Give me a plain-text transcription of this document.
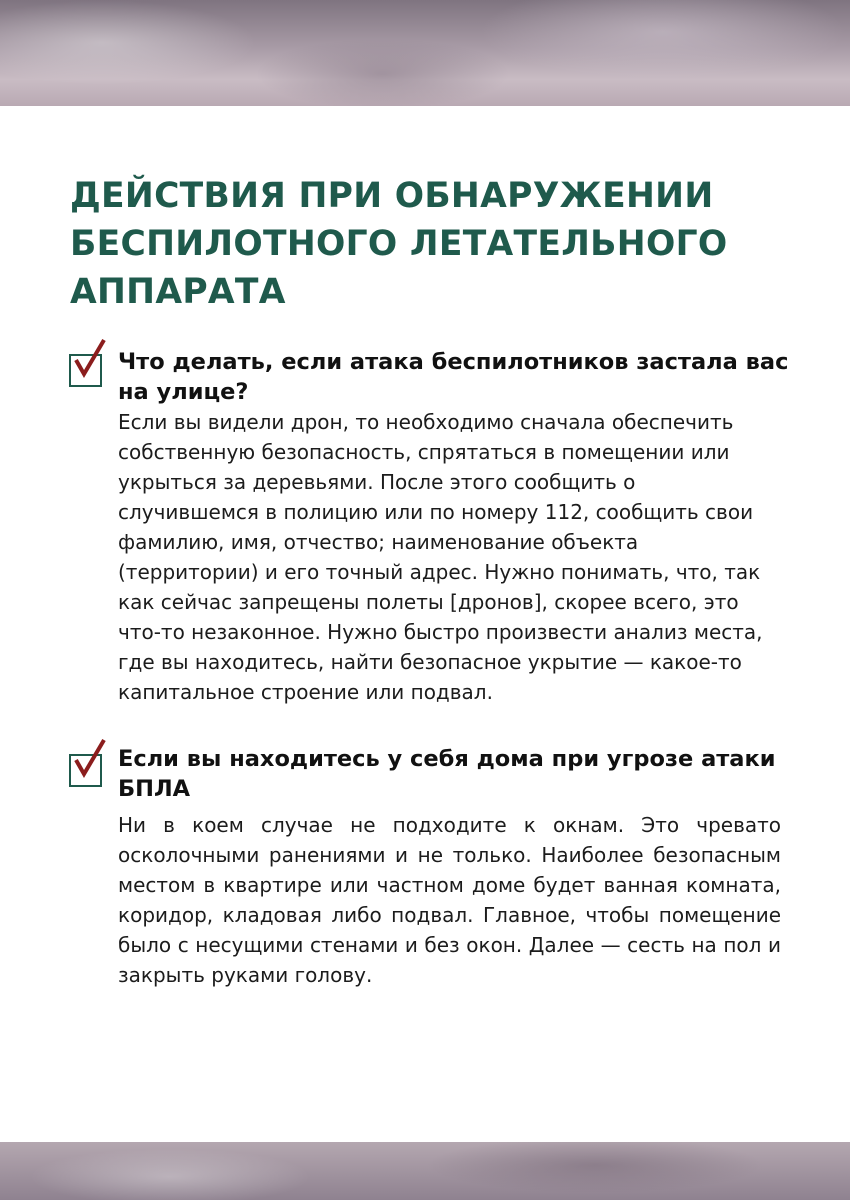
ДЕЙСТВИЯ ПРИ ОБНАРУЖЕНИИ БЕСПИЛОТНОГО ЛЕТАТЕЛЬНОГО АППАРАТА
Что делать, если атака беспилотников застала вас на улице?

Если вы видели дрон, то необходимо сначала обеспечить собственную безопасность, спрятаться в помещении или укрыться за деревьями. После этого сообщить о случившемся в полицию или по номеру 112, сообщить свои фамилию, имя, отчество; наименование объекта (территории) и его точный адрес. Нужно понимать, что, так как сейчас запрещены полеты [дронов], скорее всего, это что-то незаконное. Нужно быстро произвести анализ места, где вы находитесь, найти безопасное укрытие — какое-то капитальное строение или подвал.

Если вы находитесь у себя дома при угрозе атаки БПЛА

Ни в коем случае не подходите к окнам. Это чревато осколочными ранениями и не только. Наиболее безопасным местом в квартире или частном доме будет ванная комната, коридор, кладовая либо подвал. Главное, чтобы помещение было с несущими стенами и без окон. Далее — сесть на пол и закрыть руками голову.
